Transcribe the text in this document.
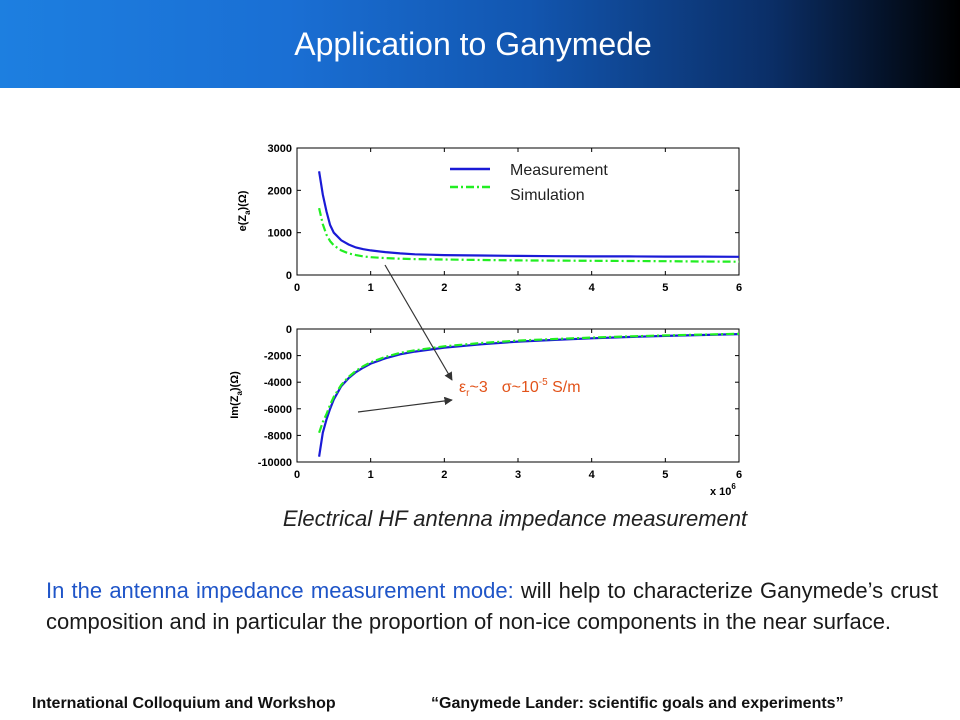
Application to Ganymede
0	1	2	3	4	5	6
0
1000
2000
3000
$e(Z_a)(\Omega)$
Measurement
Simulation
0	1	2	3	4	5	6
-10000
-8000
-6000
-4000
-2000
0
$Im(Z_a)(\Omega)$
x $10^6$
$\varepsilon_r\sim 3$ $\sigma\sim 10^{-5}$ S/m
Electrical HF antenna impedance measurement
In the antenna impedance measurement mode: will help to characterize Ganymede’s crust composition and in particular the proportion of non-ice components in the near surface.
International Colloquium and Workshop	“Ganymede Lander: scientific goals and experiments”
